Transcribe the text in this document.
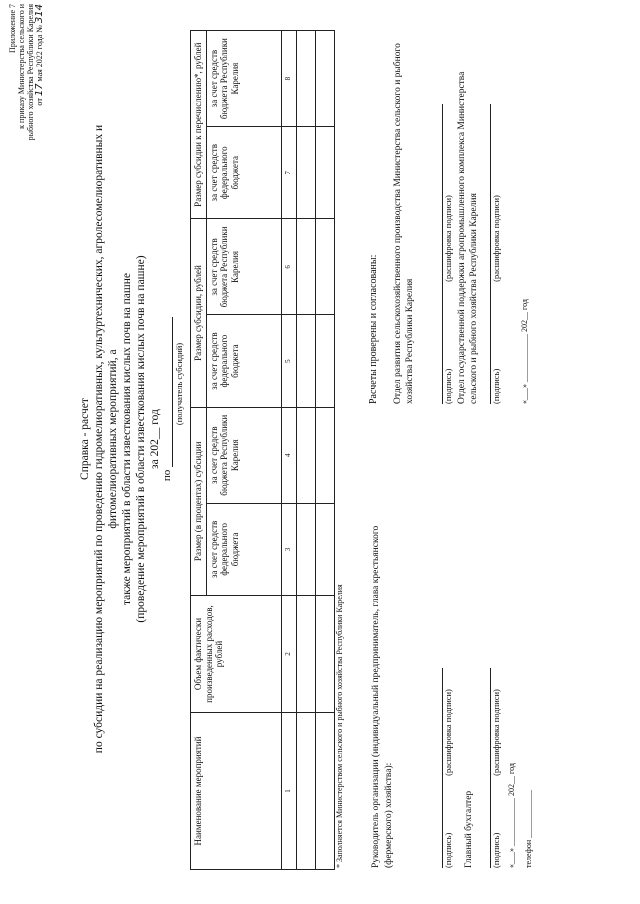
Приложение 7 к приказу Министерства сельского и рыбного хозяйства Республики Карелия от 17 мая 2022 года № 314
Справка - расчет по субсидии на реализацию мероприятий по проведению гидромелиоративных, культуртехнических, агролесомелиоративных и фитомелиоративных мероприятий, а также мероприятий в области известкования кислых почв на пашне (проведение мероприятий в области известкования кислых почв на пашне) за 202__ год
по
(получатель субсидий)
Наименование мероприятий	Объем фактически произведенных расходов, рублей	Размер (в процентах) субсидии		Размер субсидии, рублей		Размер субсидии к перечислению*, рублей	
		за счет средств федерального бюджета	за счет средств бюджета Республики Карелия	за счет средств федерального бюджета	за счет средств бюджета Республики Карелия	за счет средств федерального бюджета	за счет средств бюджета Республики Карелия
1	2	3	4	5	6	7	8

* Заполняется Министерством сельского и рыбного хозяйства Республики Карелия	Руководитель организации (индивидуальный предприниматель, глава крестьянского (фермерского) хозяйства):	(подпись) (расшифровка подписи)
Главный бухгалтер (подпись) (расшифровка подписи)
«___» ____________ 202__ год телефон ____________
Расчеты проверены и согласованы: Отдел развития сельскохозяйственного производства Министерства сельского и рыбного хозяйства Республики Карелия	(подпись) (расшифровка подписи) Отдел государственной поддержки агропромышленного комплекса Министерства сельского и рыбного хозяйства Республики Карелия (подпись) (расшифровка подписи)
«___» ____________ 202__ год
